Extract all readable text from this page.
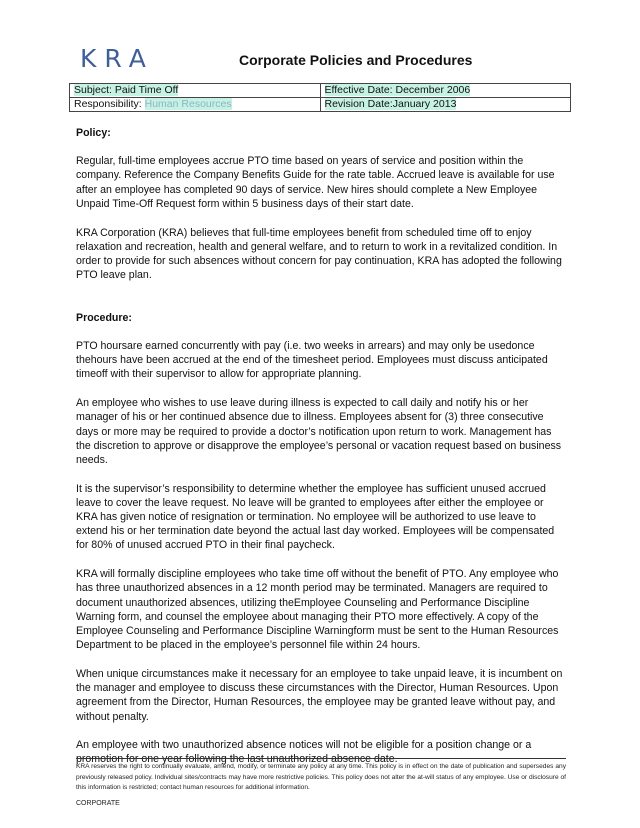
KRA	Corporate Policies and Procedures
Subject: Paid Time Off	Effective Date: December 2006
Responsibility: Human Resources	Revision Date:January 2013
Policy:

Regular, full-time employees accrue PTO time based on years of service and position within the company. Reference the Company Benefits Guide for the rate table. Accrued leave is available for use after an employee has completed 90 days of service. New hires should complete a New Employee Unpaid Time-Off Request form within 5 business days of their start date.

KRA Corporation (KRA) believes that full-time employees benefit from scheduled time off to enjoy relaxation and recreation, health and general welfare, and to return to work in a revitalized condition. In order to provide for such absences without concern for pay continuation, KRA has adopted the following PTO leave plan.

Procedure:

PTO hoursare earned concurrently with pay (i.e. two weeks in arrears) and may only be usedonce thehours have been accrued at the end of the timesheet period. Employees must discuss anticipated timeoff with their supervisor to allow for appropriate planning.

An employee who wishes to use leave during illness is expected to call daily and notify his or her manager of his or her continued absence due to illness. Employees absent for (3) three consecutive days or more may be required to provide a doctor’s notification upon return to work. Management has the discretion to approve or disapprove the employee’s personal or vacation request based on business needs.

It is the supervisor’s responsibility to determine whether the employee has sufficient unused accrued leave to cover the leave request. No leave will be granted to employees after either the employee or KRA has given notice of resignation or termination. No employee will be authorized to use leave to extend his or her termination date beyond the actual last day worked. Employees will be compensated for 80% of unused accrued PTO in their final paycheck.

KRA will formally discipline employees who take time off without the benefit of PTO. Any employee who has three unauthorized absences in a 12 month period may be terminated. Managers are required to document unauthorized absences, utilizing theEmployee Counseling and Performance Discipline Warning form, and counsel the employee about managing their PTO more effectively. A copy of the Employee Counseling and Performance Discipline Warningform must be sent to the Human Resources Department to be placed in the employee’s personnel file within 24 hours.

When unique circumstances make it necessary for an employee to take unpaid leave, it is incumbent on the manager and employee to discuss these circumstances with the Director, Human Resources. Upon agreement from the Director, Human Resources, the employee may be granted leave without pay, and without penalty.

An employee with two unauthorized absence notices will not be eligible for a position change or a promotion for one year following the last unauthorized absence date.

KRA reserves the right to continually evaluate, amend, modify, or terminate any policy at any time. This policy is in effect on the date of publication and supersedes any previously released policy. Individual sites/contracts may have more restrictive policies. This policy does not alter the at-will status of any employee. Use or disclosure of this information is restricted; contact human resources for additional information.
CORPORATE
